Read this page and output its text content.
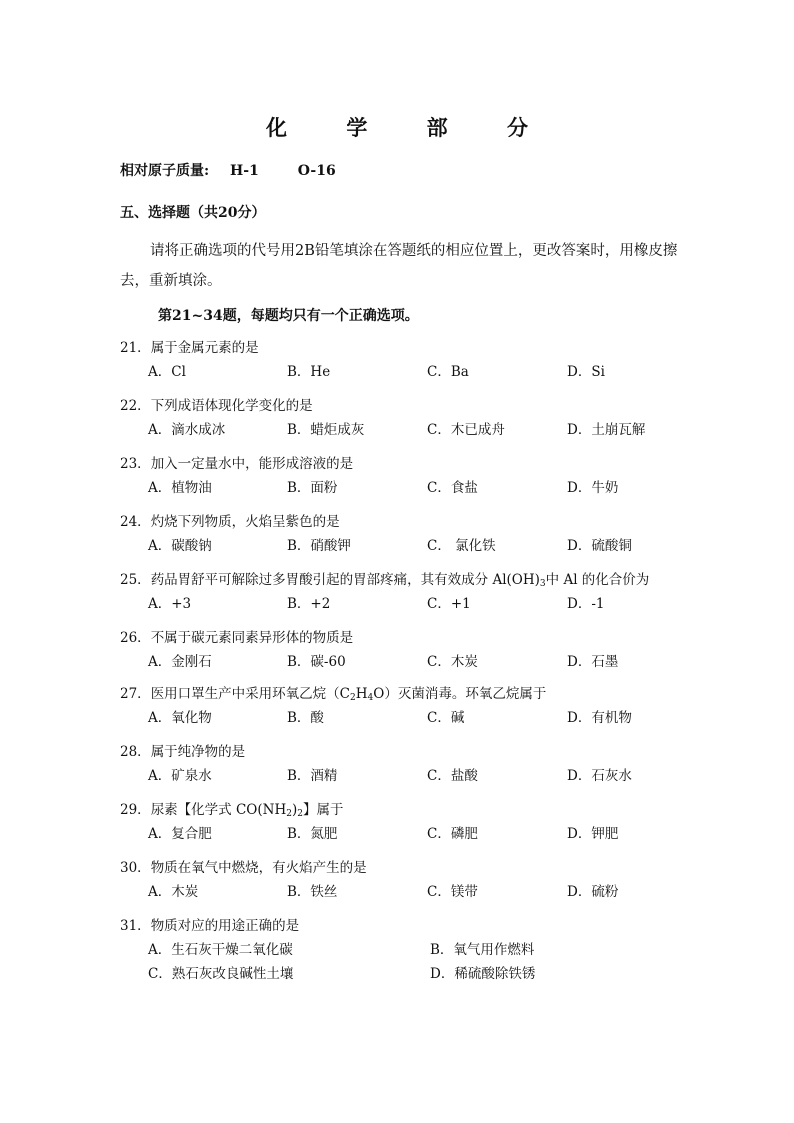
化 学 部 分
相对原子质量: H-1	O-16
五、选择题（共20分）
请将正确选项的代号用2B铅笔填涂在答题纸的相应位置上，更改答案时，用橡皮擦去，重新填涂。
第21~34题，每题均只有一个正确选项。
21．属于金属元素的是
A．Cl	B．He	C．Ba	D．Si
22．下列成语体现化学变化的是
A．滴水成冰	B．蜡炬成灰	C．木已成舟	D．土崩瓦解
23．加入一定量水中，能形成溶液的是
A．植物油	B．面粉	C．食盐	D．牛奶
24．灼烧下列物质，火焰呈紫色的是
A．碳酸钠	B．硝酸钾	C． 氯化铁	D．硫酸铜
25．药品胃舒平可解除过多胃酸引起的胃部疼痛，其有效成分 $Al(OH)_3$中 Al 的化合价为
A．+3	B．+2	C．+1	D．-1
26．不属于碳元素同素异形体的物质是
A．金刚石	B．碳-60	C．木炭	D．石墨
27．医用口罩生产中采用环氧乙烷$(C_2H_4O)$灭菌消毒。环氧乙烷属于
A．氧化物	B．酸	C．碱	D．有机物
28．属于纯净物的是
A．矿泉水	B．酒精	C．盐酸	D．石灰水
29．尿素【化学式 $CO(NH_2)_2$】属于
A．复合肥	B．氮肥	C．磷肥	D．钾肥
30．物质在氧气中燃烧，有火焰产生的是
A．木炭	B．铁丝	C．镁带	D．硫粉
31．物质对应的用途正确的是
A．生石灰干燥二氧化碳	B．氧气用作燃料
C．熟石灰改良碱性土壤	D．稀硫酸除铁锈
